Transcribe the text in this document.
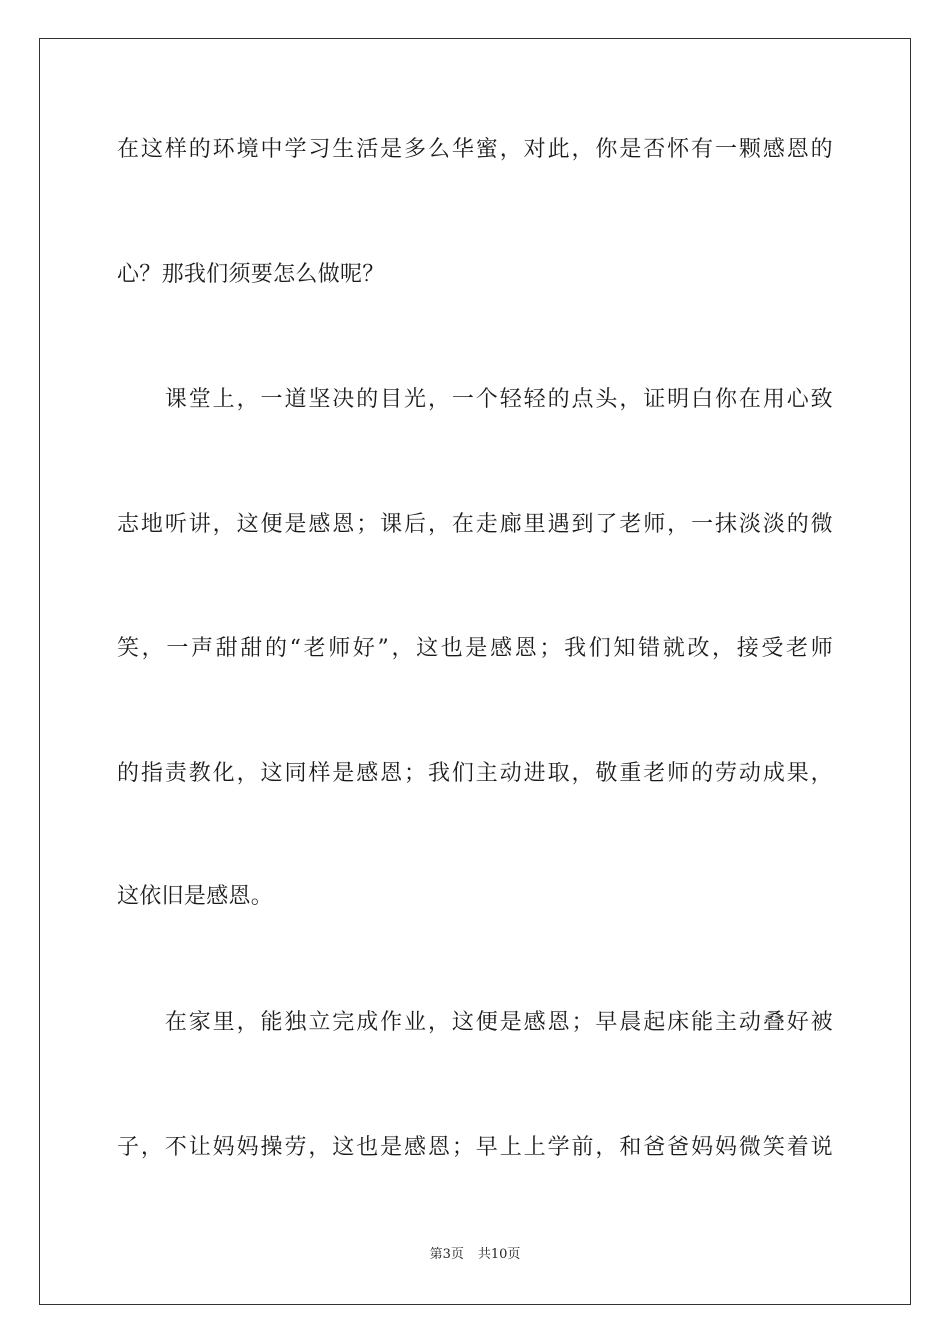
在这样的环境中学习生活是多么华蜜，对此，你是否怀有一颗感恩的
心？那我们须要怎么做呢？
　　课堂上，一道坚决的目光，一个轻轻的点头，证明白你在用心致
志地听讲，这便是感恩；课后，在走廊里遇到了老师，一抹淡淡的微
笑，一声甜甜的“老师好”，这也是感恩；我们知错就改，接受老师
的指责教化，这同样是感恩；我们主动进取，敬重老师的劳动成果，
这依旧是感恩。
　　在家里，能独立完成作业，这便是感恩；早晨起床能主动叠好被
子，不让妈妈操劳，这也是感恩；早上上学前，和爸爸妈妈微笑着说
第3页 共10页
